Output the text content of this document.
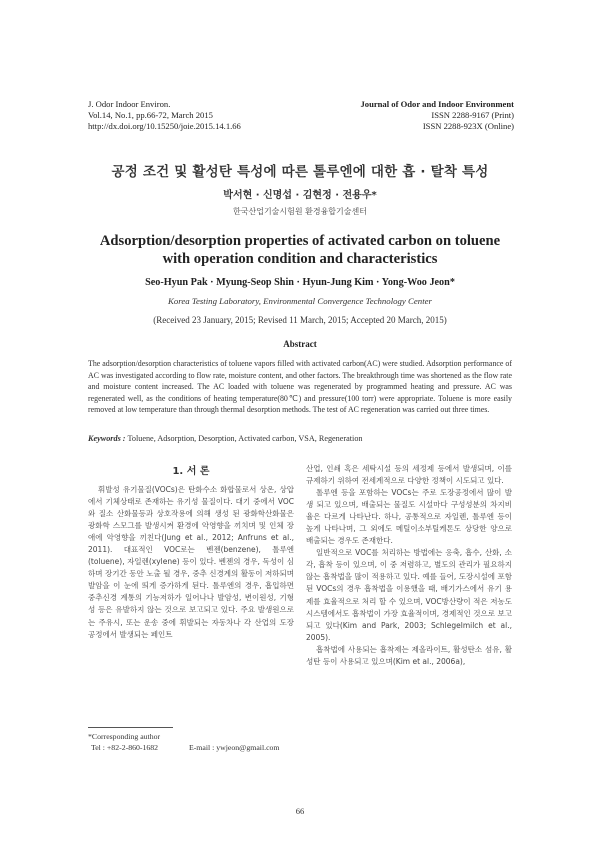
J. Odor Indoor Environ.
Vol.14, No.1, pp.66-72, March 2015
http://dx.doi.org/10.15250/joie.2015.14.1.66
Journal of Odor and Indoor Environment
ISSN 2288-9167 (Print)
ISSN 2288-923X (Online)
공정 조건 및 활성탄 특성에 따른 톨루엔에 대한 흡 · 탈착 특성
박서현 · 신명섭 · 김현정 · 전용우*
한국산업기술시험원 환경융합기술센터
Adsorption/desorption properties of activated carbon on toluene
with operation condition and characteristics
Seo-Hyun Pak · Myung-Seop Shin · Hyun-Jung Kim · Yong-Woo Jeon*
Korea Testing Laboratory, Environmental Convergence Technology Center
(Received 23 January, 2015; Revised 11 March, 2015; Accepted 20 March, 2015)
Abstract
The adsorption/desorption characteristics of toluene vapors filled with activated carbon(AC) were studied. Adsorption performance of AC was investigated according to flow rate, moisture content, and other factors. The breakthrough time was shortened as the flow rate and moisture content increased. The AC loaded with toluene was regenerated by programmed heating and pressure. AC was regenerated well, as the conditions of heating temperature(80℃) and pressure(100 torr) were appropriate. Toluene is more easily removed at low temperature than through thermal desorption methods. The test of AC regeneration was carried out three times.
Keywords : Toluene, Adsorption, Desorption, Activated carbon, VSA, Regeneration
1. 서 론

휘발성 유기물질(VOCs)은 탄화수소 화합물로서 상온, 상압에서 기체상태로 존재하는 유기성 물질이다. 대기 중에서 VOC 와 질소 산화물등과 상호작용에 의해 생성 된 광화학산화물은 광화학 스모그를 발생시켜 환경에 악영향을 끼치며 및 인체 장애에 악영향을 끼친다(Jung et al., 2012; Anfruns et al., 2011). 대표적인 VOC로는 벤젠(benzene), 톨루엔(toluene), 자일렌(xylene) 등이 있다. 벤젠의 경우, 독성이 심하며 장기간 동안 노출 될 경우, 중추 신경계의 활동이 저하되며 발암을 이 눈에 띄게 증가하게 된다. 톨루엔의 경우, 흡입하면 중추신경 계통의 기능저하가 일어나나 발암성, 변이원성, 기형성 등은 유발하지 않는 것으로 보고되고 있다. 주요 발생원으로는 주유시, 또는 운송 중에 휘발되는 자동차나 각 산업의 도장 공정에서 발생되는 페인트

산업, 인쇄 혹은 세탁시설 등의 세정제 등에서 발생되며, 이를 규제하기 위하여 전세계적으로 다양한 정책이 시도되고 있다.

톨루엔 등을 포함하는 VOCs는 주로 도장공정에서 많이 발생 되고 있으며, 배출되는 물질도 시설마다 구성성분의 차지비율은 다르게 나타난다. 하나, 공통적으로 자일렌, 톨루엔 등이 높게 나타나며, 그 외에도 메틸이소부틸케톤도 상당한 양으로 배출되는 경우도 존재한다.

일반적으로 VOC를 처리하는 방법에는 응축, 흡수, 산화, 소각, 흡착 등이 있으며, 이 중 저렴하고, 별도의 관리가 필요하지 않는 흡착법을 많이 적용하고 있다. 예를 들어, 도장시설에 포함된 VOCs의 경우 흡착법을 이용했을 때, 배기가스에서 유기 용제를 효율적으로 처리 할 수 있으며, VOC방산량이 적은 저농도 시스템에서도 흡착법이 가장 효율적이며, 경제적인 것으로 보고되고 있다(Kim and Park, 2003; Schlegelmilch et al., 2005).

흡착법에 사용되는 흡착제는 제올라이트, 활성탄소 섬유, 활성탄 등이 사용되고 있으며(Kim et al., 2006a),

*Corresponding author
Tel : +82-2-860-1682	E-mail : ywjeon@gmail.com
66
